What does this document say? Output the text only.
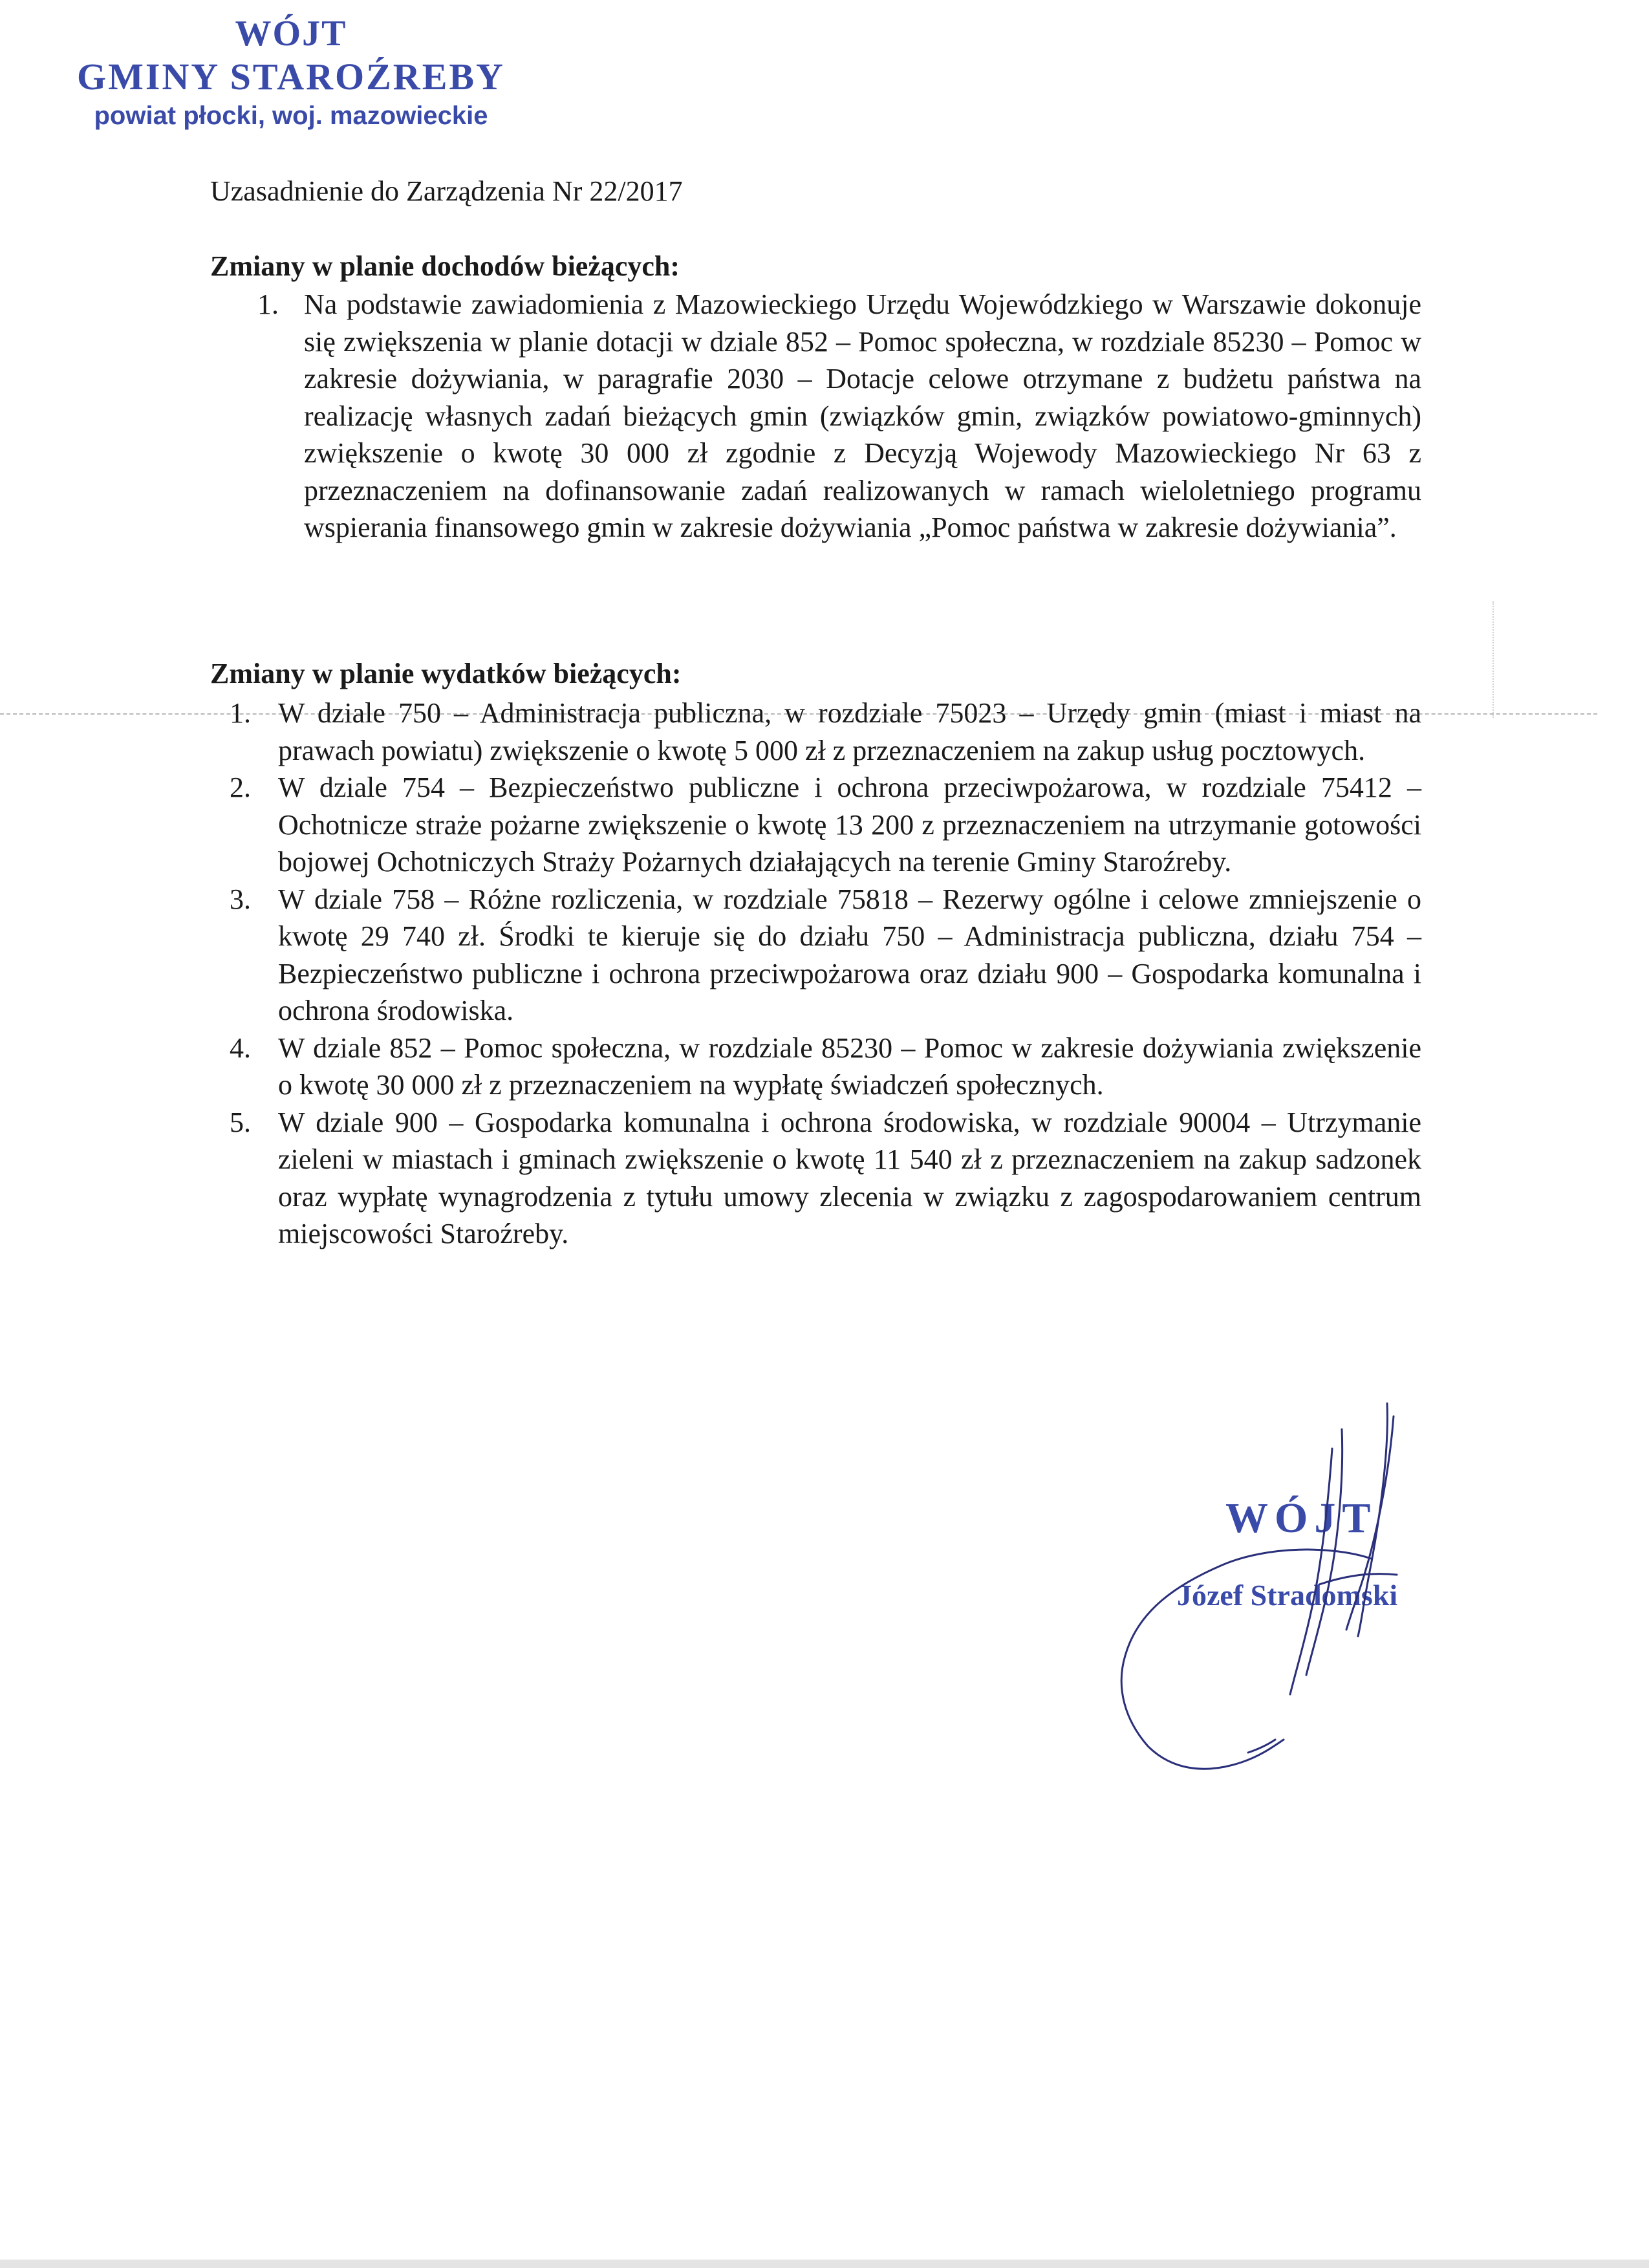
WÓJT
GMINY STAROŹREBY
powiat płocki, woj. mazowieckie
Uzasadnienie do Zarządzenia Nr 22/2017
Zmiany w planie dochodów bieżących:
1. Na podstawie zawiadomienia z Mazowieckiego Urzędu Wojewódzkiego w Warszawie dokonuje się zwiększenia w planie dotacji w dziale 852 – Pomoc społeczna, w rozdziale 85230 – Pomoc w zakresie dożywiania, w paragrafie 2030 – Dotacje celowe otrzymane z budżetu państwa na realizację własnych zadań bieżących gmin (związków gmin, związków powiatowo-gminnych) zwiększenie o kwotę 30 000 zł zgodnie z Decyzją Wojewody Mazowieckiego Nr 63 z przeznaczeniem na dofinansowanie zadań realizowanych w ramach wieloletniego programu wspierania finansowego gmin w zakresie dożywiania „Pomoc państwa w zakresie dożywiania”.
Zmiany w planie wydatków bieżących:
1. W dziale 750 – Administracja publiczna, w rozdziale 75023 – Urzędy gmin (miast i miast na prawach powiatu) zwiększenie o kwotę 5 000 zł z przeznaczeniem na zakup usług pocztowych.
2. W dziale 754 – Bezpieczeństwo publiczne i ochrona przeciwpożarowa, w rozdziale 75412 – Ochotnicze straże pożarne zwiększenie o kwotę 13 200 z przeznaczeniem na utrzymanie gotowości bojowej Ochotniczych Straży Pożarnych działających na terenie Gminy Staroźreby.
3. W dziale 758 – Różne rozliczenia, w rozdziale 75818 – Rezerwy ogólne i celowe zmniejszenie o kwotę 29 740 zł. Środki te kieruje się do działu 750 – Administracja publiczna, działu 754 – Bezpieczeństwo publiczne i ochrona przeciwpożarowa oraz działu 900 – Gospodarka komunalna i ochrona środowiska.
4. W dziale 852 – Pomoc społeczna, w rozdziale 85230 – Pomoc w zakresie dożywiania zwiększenie o kwotę 30 000 zł z przeznaczeniem na wypłatę świadczeń społecznych.
5. W dziale 900 – Gospodarka komunalna i ochrona środowiska, w rozdziale 90004 – Utrzymanie zieleni w miastach i gminach zwiększenie o kwotę 11 540 zł z przeznaczeniem na zakup sadzonek oraz wypłatę wynagrodzenia z tytułu umowy zlecenia w związku z zagospodarowaniem centrum miejscowości Staroźreby.
WÓJT
Józef Stradomski
